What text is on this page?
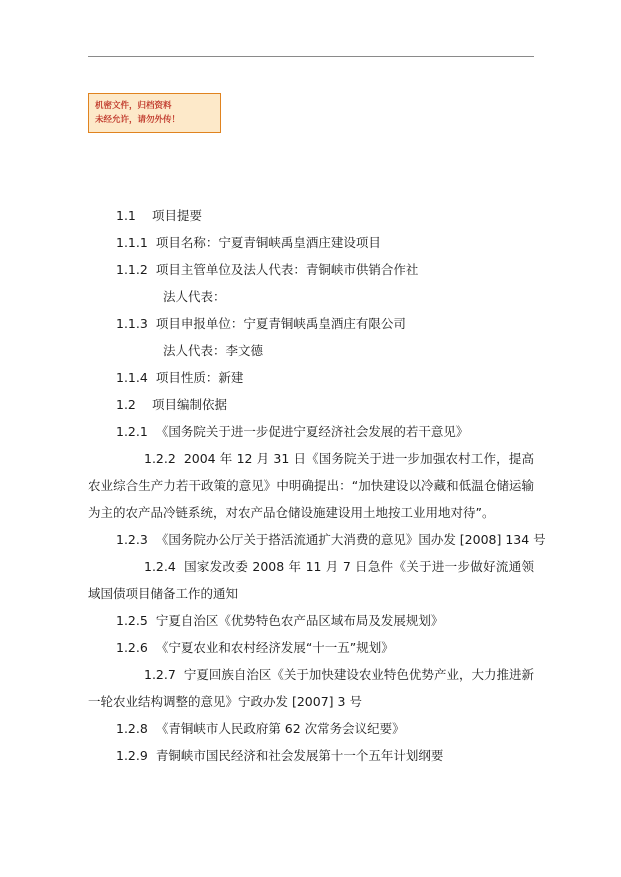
机密文件，归档资料
未经允许，请勿外传！
1.1 项目提要
1.1.1 项目名称：宁夏青铜峡禹皇酒庄建设项目
1.1.2 项目主管单位及法人代表：青铜峡市供销合作社
法人代表：
1.1.3 项目申报单位：宁夏青铜峡禹皇酒庄有限公司
法人代表：李文德
1.1.4 项目性质：新建
1.2 项目编制依据
1.2.1 《国务院关于进一步促进宁夏经济社会发展的若干意见》
1.2.2 2004 年 12 月 31 日《国务院关于进一步加强农村工作，提高农业综合生产力若干政策的意见》中明确提出：“加快建设以冷藏和低温仓储运输为主的农产品冷链系统，对农产品仓储设施建设用土地按工业用地对待”。
1.2.3 《国务院办公厅关于搭活流通扩大消费的意见》国办发 [2008] 134 号
1.2.4 国家发改委 2008 年 11 月 7 日急件《关于进一步做好流通领域国债项目储备工作的通知
1.2.5 宁夏自治区《优势特色农产品区域布局及发展规划》
1.2.6 《宁夏农业和农村经济发展“十一五”规划》
1.2.7 宁夏回族自治区《关于加快建设农业特色优势产业，大力推进新一轮农业结构调整的意见》宁政办发 [2007] 3 号
1.2.8 《青铜峡市人民政府第 62 次常务会议纪要》
1.2.9 青铜峡市国民经济和社会发展第十一个五年计划纲要
